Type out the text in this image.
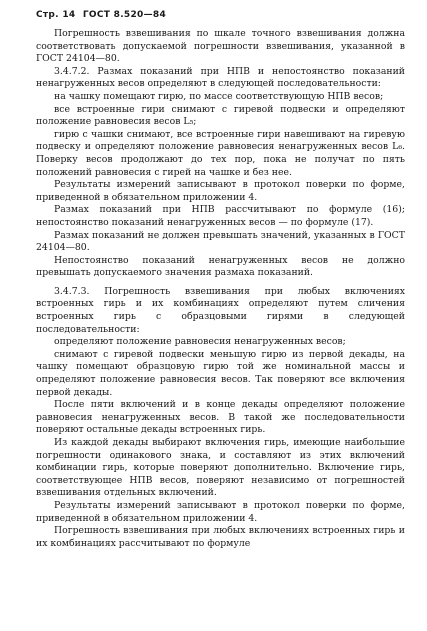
Стр. 14 ГОСТ 8.520—84

Погрешность взвешивания по шкале точного взвешивания должна соответствовать допускаемой погрешности взвешивания, указанной в ГОСТ 24104—80.

3.4.7.2. Размах показаний при НПВ и непостоянство показаний ненагруженных весов определяют в следующей последовательности:

на чашку помещают гирю, по массе соответствующую НПВ весов;

все встроенные гири снимают с гиревой подвески и определяют положение равновесия весов L₅;

гирю с чашки снимают, все встроенные гири навешивают на гиревую подвеску и определяют положение равновесия ненагруженных весов L₆. Поверку весов продолжают до тех пор, пока не получат по пять положений равновесия с гирей на чашке и без нее.

Результаты измерений записывают в протокол поверки по форме, приведенной в обязательном приложении 4.

Размах показаний при НПВ рассчитывают по формуле (16); непостоянство показаний ненагруженных весов — по формуле (17).

Размах показаний не должен превышать значений, указанных в ГОСТ 24104—80.

Непостоянство показаний ненагруженных весов не должно превышать допускаемого значения размаха показаний.

3.4.7.3. Погрешность взвешивания при любых включениях встроенных гирь и их комбинациях определяют путем сличения встроенных гирь с образцовыми гирями в следующей последовательности:

определяют положение равновесия ненагруженных весов;

снимают с гиревой подвески меньшую гирю из первой декады, на чашку помещают образцовую гирю той же номинальной массы и определяют положение равновесия весов. Так поверяют все включения первой декады.

После пяти включений и в конце декады определяют положение равновесия ненагруженных весов. В такой же последовательности поверяют остальные декады встроенных гирь.

Из каждой декады выбирают включения гирь, имеющие наибольшие погрешности одинакового знака, и составляют из этих включений комбинации гирь, которые поверяют дополнительно. Включение гирь, соответствующее НПВ весов, поверяют независимо от погрешностей взвешивания отдельных включений.

Результаты измерений записывают в протокол поверки по форме, приведенной в обязательном приложении 4.

Погрешность взвешивания при любых включениях встроенных гирь и их комбинациях рассчитывают по формуле
